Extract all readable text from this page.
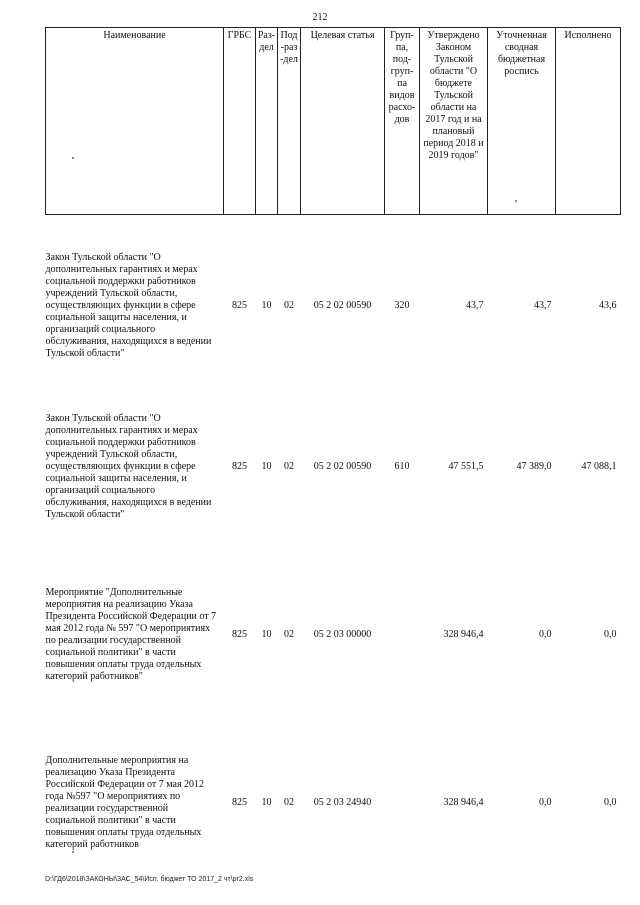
212
Наименование	ГРБС	Раз-дел	Под-раз-дел	Целевая статья	Груп-па, под-груп-па видов расхо-дов	Утверждено Законом Тульской области "О бюджете Тульской области на 2017 год и на плановый период 2018 и 2019 годов"	Уточненная сводная бюджетная роспись	Исполнено
Закон Тульской области "О дополнительных гарантиях и мерах социальной поддержки работников учреждений Тульской области, осуществляющих функции в сфере социальной защиты населения, и организаций социального обслуживания, находящихся в ведении Тульской области"	825	10	02	05 2 02 00590	320	43,7	43,7	43,6
Закон Тульской области "О дополнительных гарантиях и мерах социальной поддержки работников учреждений Тульской области, осуществляющих функции в сфере социальной защиты населения, и организаций социального обслуживания, находящихся в ведении Тульской области"	825	10	02	05 2 02 00590	610	47 551,5	47 389,0	47 088,1
Мероприятие "Дополнительные мероприятия на реализацию Указа Президента Российской Федерации от 7 мая 2012 года № 597 "О мероприятиях по реализации государственной социальной политики" в части повышения оплаты труда отдельных категорий работников"	825	10	02	05 2 03 00000		328 946,4	0,0	0,0
Дополнительные мероприятия на реализацию Указа Президента Российской Федерации от 7 мая 2012 года №597 "О мероприятиях по реализации государственной социальной политики" в части повышения оплаты труда отдельных категорий работников	825	10	02	05 2 03 24940		328 946,4	0,0	0,0
D:\ГД6\2018\ЗАКОНЫ\ЗАС_54\Исп. бюджет ТО 2017_2 чт\pr2.xls
